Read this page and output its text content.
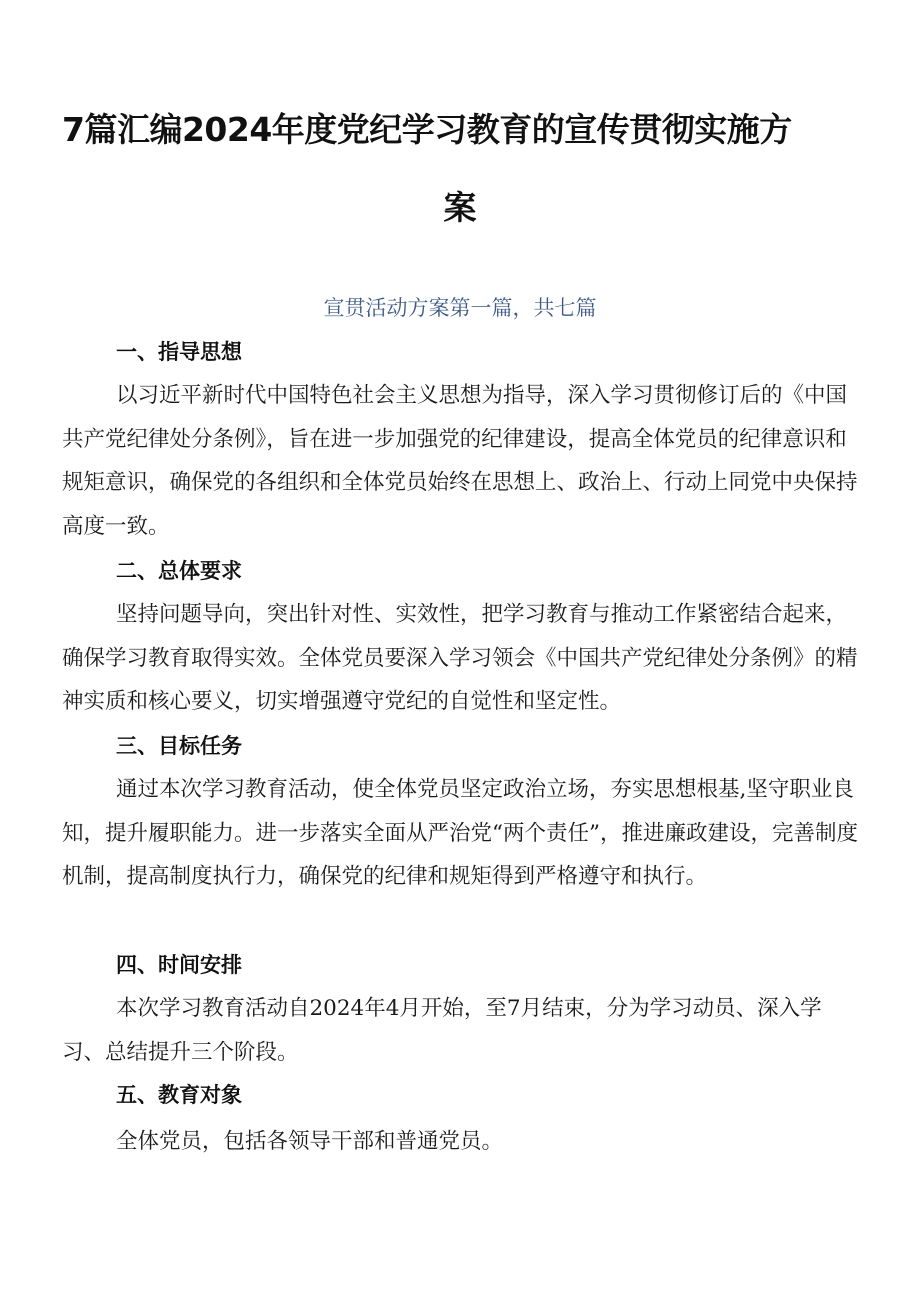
7篇汇编2024年度党纪学习教育的宣传贯彻实施方
案
宣贯活动方案第一篇，共七篇
一、指导思想
以习近平新时代中国特色社会主义思想为指导，深入学习贯彻修订后的《中国共产党纪律处分条例》，旨在进一步加强党的纪律建设，提高全体党员的纪律意识和规矩意识，确保党的各组织和全体党员始终在思想上、政治上、行动上同党中央保持高度一致。
二、总体要求
坚持问题导向，突出针对性、实效性，把学习教育与推动工作紧密结合起来，确保学习教育取得实效。全体党员要深入学习领会《中国共产党纪律处分条例》的精神实质和核心要义，切实增强遵守党纪的自觉性和坚定性。
三、目标任务
通过本次学习教育活动，使全体党员坚定政治立场，夯实思想根基,坚守职业良知，提升履职能力。进一步落实全面从严治党“两个责任”，推进廉政建设，完善制度机制，提高制度执行力，确保党的纪律和规矩得到严格遵守和执行。
四、时间安排
本次学习教育活动自2024年4月开始，至7月结束，分为学习动员、深入学习、总结提升三个阶段。
五、教育对象
全体党员，包括各领导干部和普通党员。
